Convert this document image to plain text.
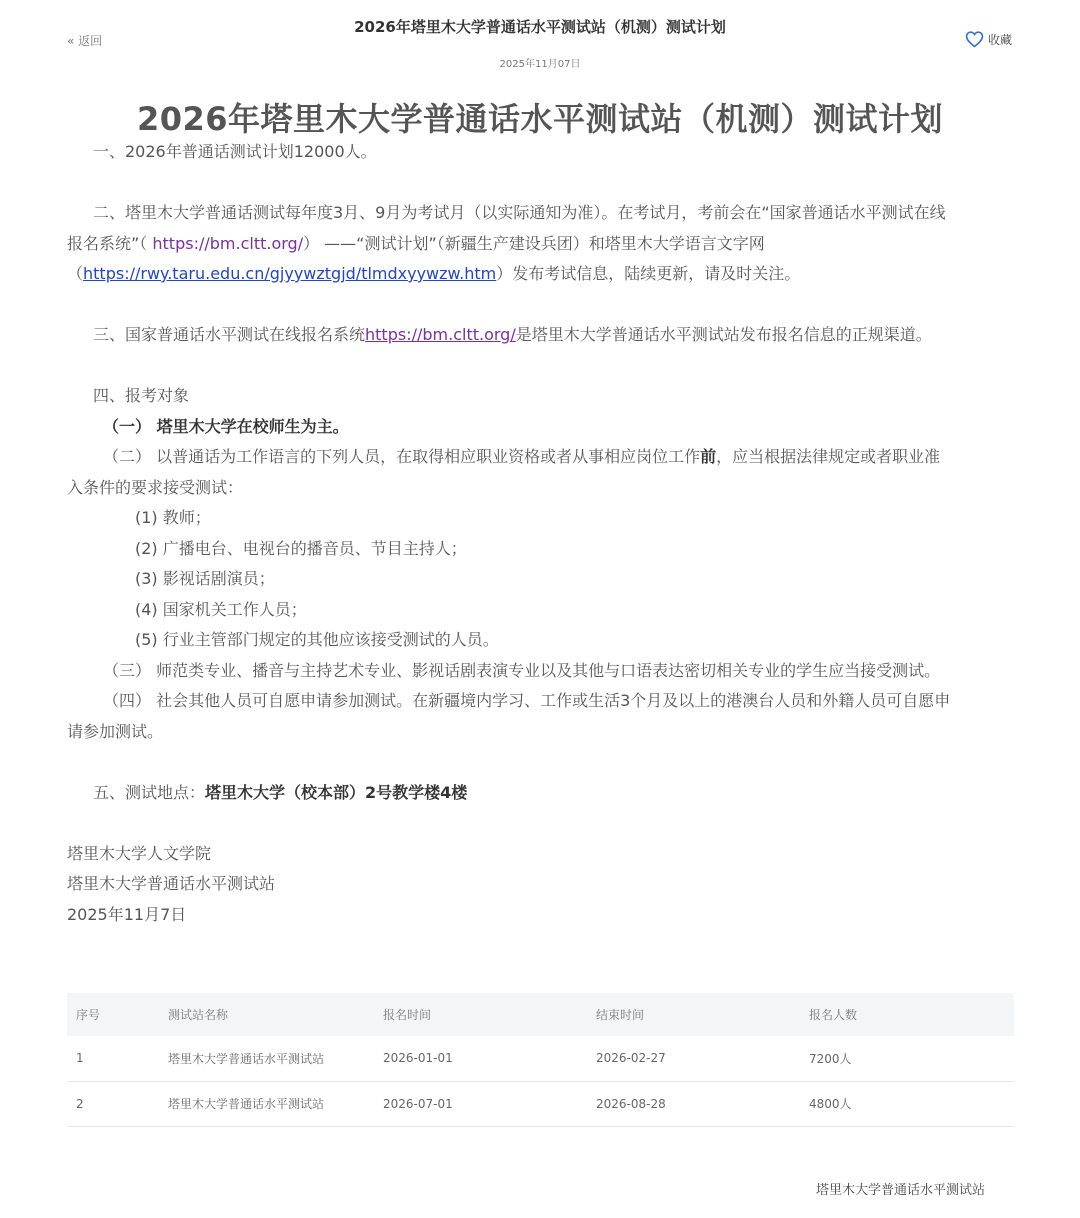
« 返回
2026年塔里木大学普通话水平测试站（机测）测试计划
2025年11月07日
收藏
2026年塔里木大学普通话水平测试站（机测）测试计划

一、2026年普通话测试计划12000人。

二、塔里木大学普通话测试每年度3月、9月为考试月（以实际通知为准）。在考试月，考前会在“国家普通话水平测试在线

报名系统”（ https://bm.cltt.org/） ——“测试计划”（新疆生产建设兵团）和塔里木大学语言文字网

（https://rwy.taru.edu.cn/gjyywztgjd/tlmdxyywzw.htm）发布考试信息，陆续更新，请及时关注。

三、国家普通话水平测试在线报名系统https://bm.cltt.org/是塔里木大学普通话水平测试站发布报名信息的正规渠道。

四、报考对象

（一） 塔里木大学在校师生为主。

（二） 以普通话为工作语言的下列人员，在取得相应职业资格或者从事相应岗位工作前，应当根据法律规定或者职业准

入条件的要求接受测试：

(1) 教师；

(2) 广播电台、电视台的播音员、节目主持人；

(3) 影视话剧演员；

(4) 国家机关工作人员；

(5) 行业主管部门规定的其他应该接受测试的人员。

（三） 师范类专业、播音与主持艺术专业、影视话剧表演专业以及其他与口语表达密切相关专业的学生应当接受测试。

（四） 社会其他人员可自愿申请参加测试。在新疆境内学习、工作或生活3个月及以上的港澳台人员和外籍人员可自愿申

请参加测试。

五、测试地点：塔里木大学（校本部）2号教学楼4楼

塔里木大学人文学院

塔里木大学普通话水平测试站

2025年11月7日

序号	测试站名称	报名时间	结束时间	报名人数
1	塔里木大学普通话水平测试站	2026-01-01	2026-02-27	7200人
2	塔里木大学普通话水平测试站	2026-07-01	2026-08-28	4800人
塔里木大学普通话水平测试站
